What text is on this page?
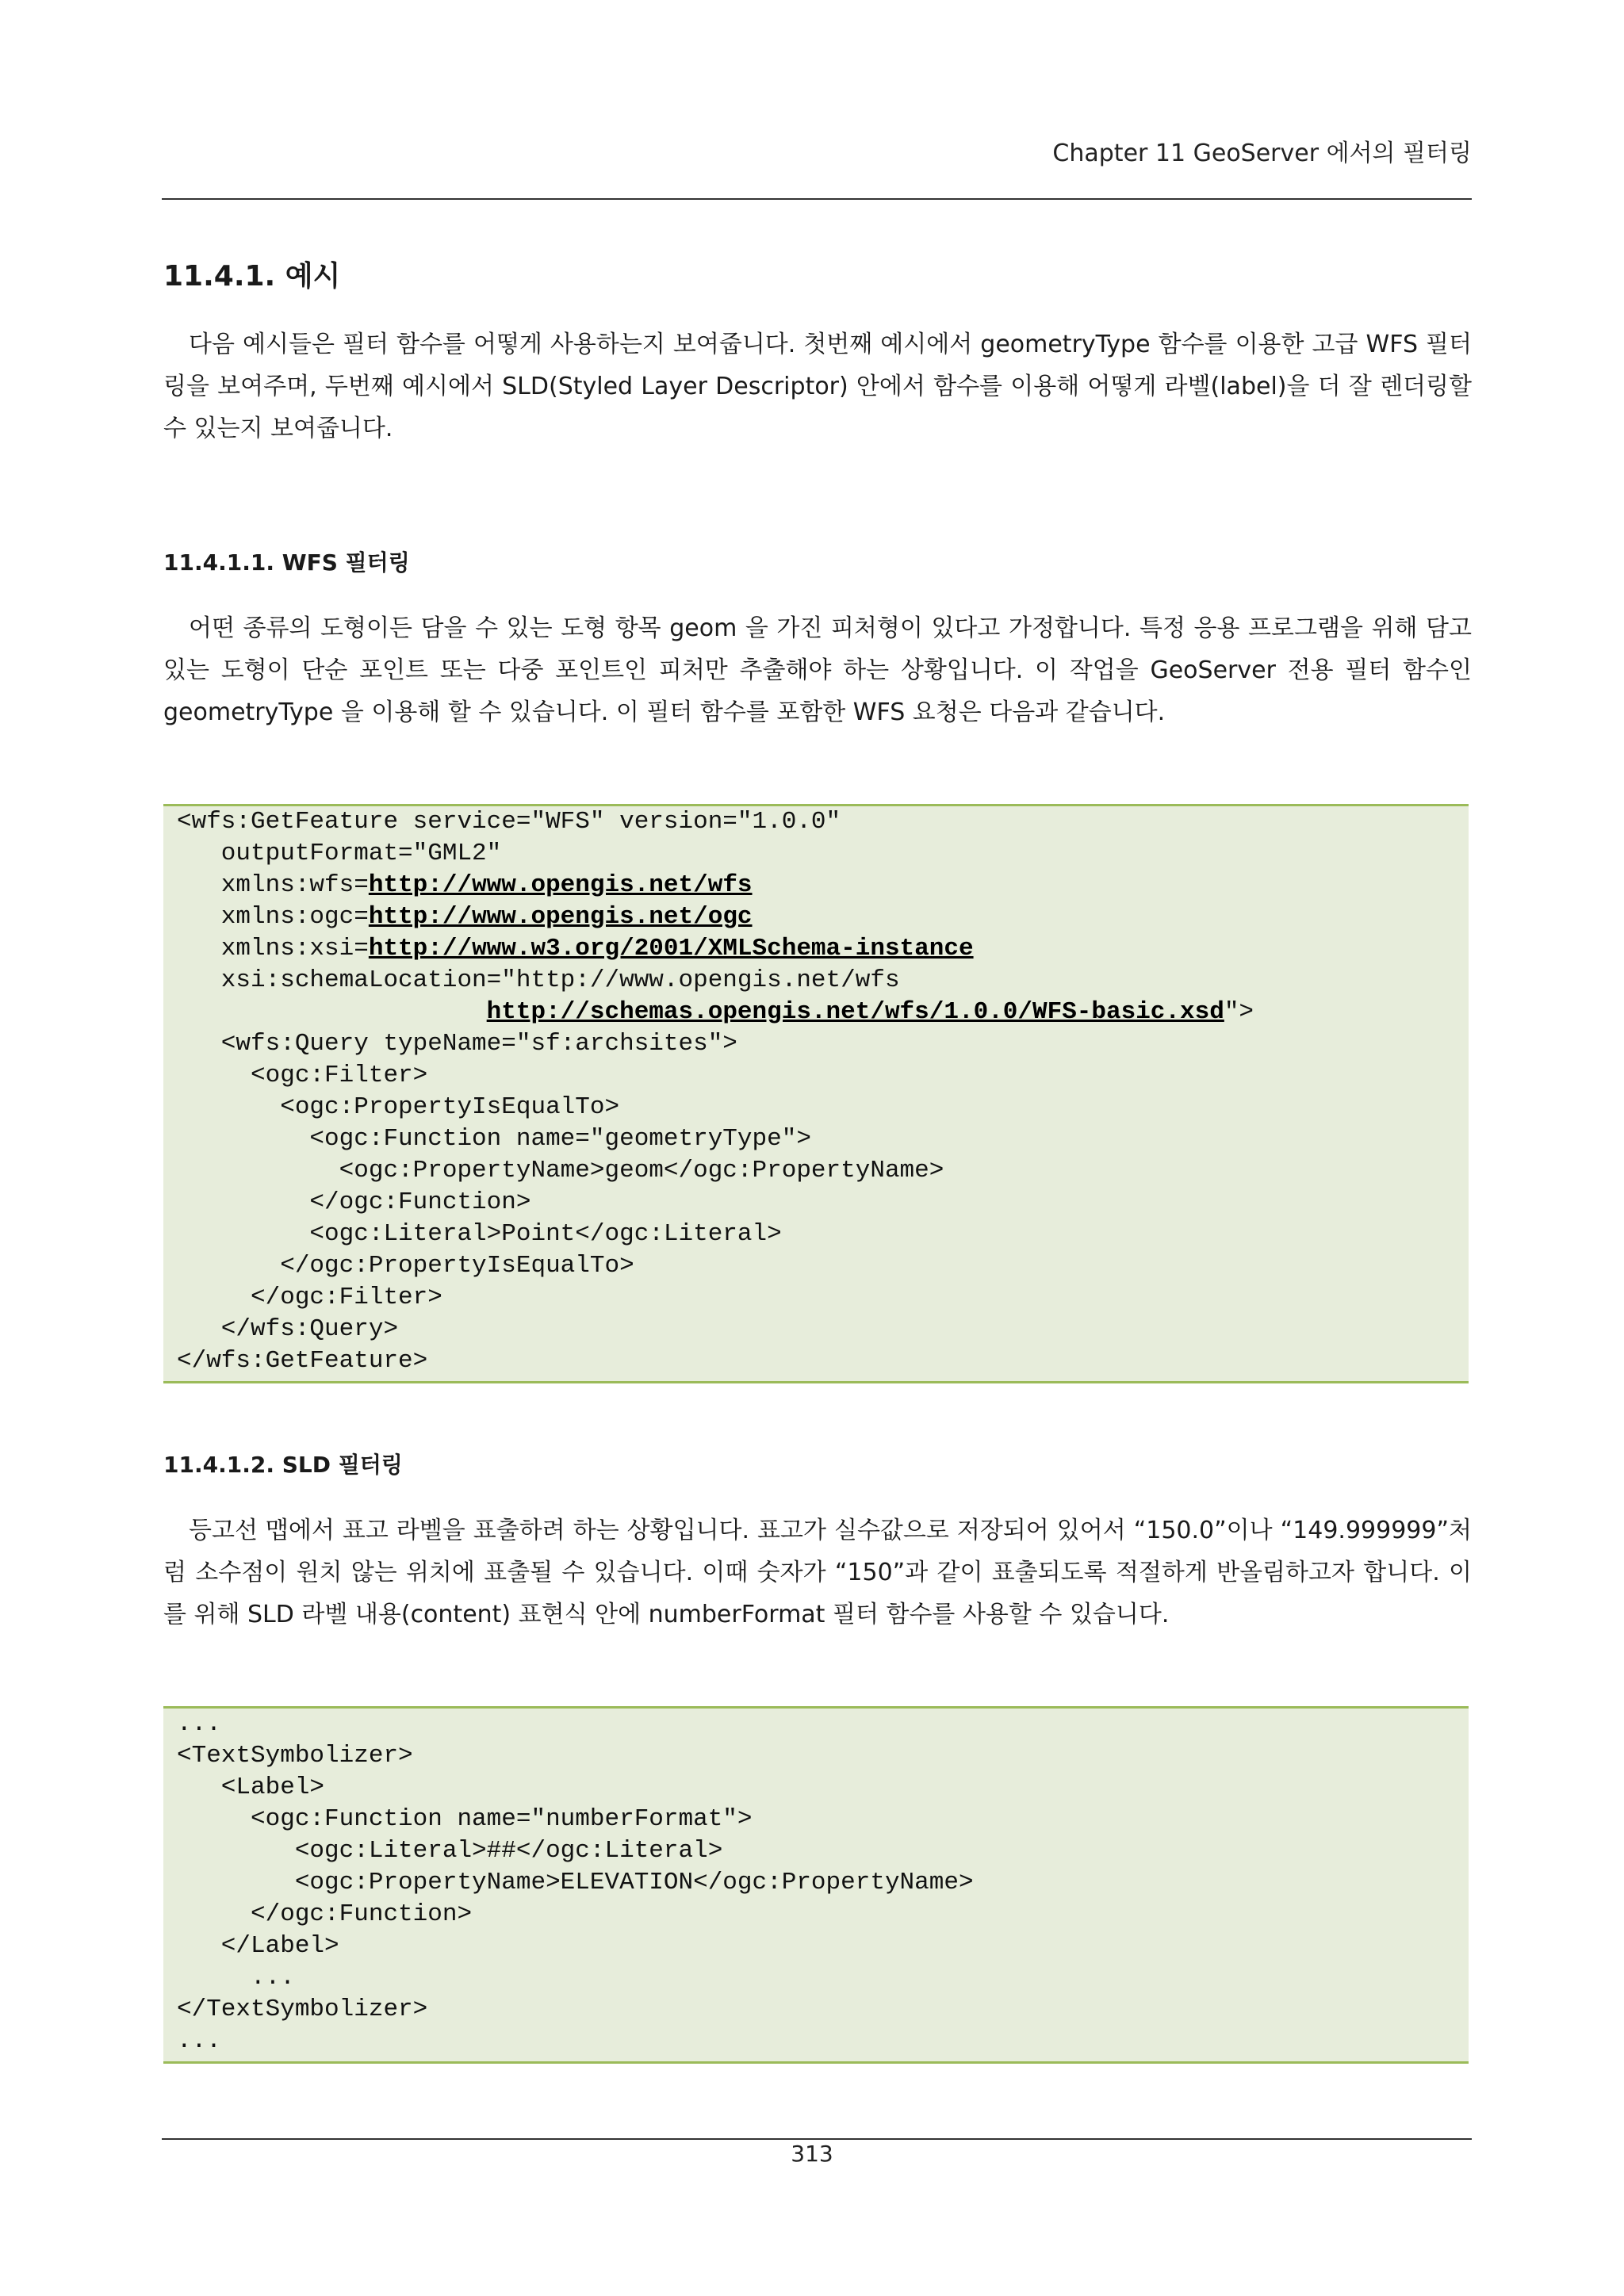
Chapter 11 GeoServer 에서의 필터링
11.4.1. 예시

다음 예시들은 필터 함수를 어떻게 사용하는지 보여줍니다. 첫번째 예시에서 geometryType 함수를 이용한 고급 WFS 필터링을 보여주며, 두번째 예시에서 SLD(Styled Layer Descriptor) 안에서 함수를 이용해 어떻게 라벨(label)을 더 잘 렌더링할 수 있는지 보여줍니다.

11.4.1.1. WFS 필터링

어떤 종류의 도형이든 담을 수 있는 도형 항목 geom 을 가진 피처형이 있다고 가정합니다. 특정 응용 프로그램을 위해 담고 있는 도형이 단순 포인트 또는 다중 포인트인 피처만 추출해야 하는 상황입니다. 이 작업을 GeoServer 전용 필터 함수인 geometryType 을 이용해 할 수 있습니다. 이 필터 함수를 포함한 WFS 요청은 다음과 같습니다.

<wfs:GetFeature service="WFS" version="1.0.0"
outputFormat="GML2"
xmlns:wfs=http://www.opengis.net/wfs
xmlns:ogc=http://www.opengis.net/ogc
xmlns:xsi=http://www.w3.org/2001/XMLSchema-instance
xsi:schemaLocation="http://www.opengis.net/wfs
http://schemas.opengis.net/wfs/1.0.0/WFS-basic.xsd">
<wfs:Query typeName="sf:archsites">
<ogc:Filter>
<ogc:PropertyIsEqualTo>
<ogc:Function name="geometryType">
<ogc:PropertyName>geom</ogc:PropertyName>
</ogc:Function>
<ogc:Literal>Point</ogc:Literal>
</ogc:PropertyIsEqualTo>
</ogc:Filter>
</wfs:Query>
</wfs:GetFeature>
11.4.1.2. SLD 필터링

등고선 맵에서 표고 라벨을 표출하려 하는 상황입니다. 표고가 실수값으로 저장되어 있어서 “150.0”이나 “149.999999”처럼 소수점이 원치 않는 위치에 표출될 수 있습니다. 이때 숫자가 “150”과 같이 표출되도록 적절하게 반올림하고자 합니다. 이를 위해 SLD 라벨 내용(content) 표현식 안에 numberFormat 필터 함수를 사용할 수 있습니다.

...
<TextSymbolizer>
<Label>
<ogc:Function name="numberFormat">
<ogc:Literal>##</ogc:Literal>
<ogc:PropertyName>ELEVATION</ogc:PropertyName>
</ogc:Function>
</Label>
...
</TextSymbolizer>
...
313
